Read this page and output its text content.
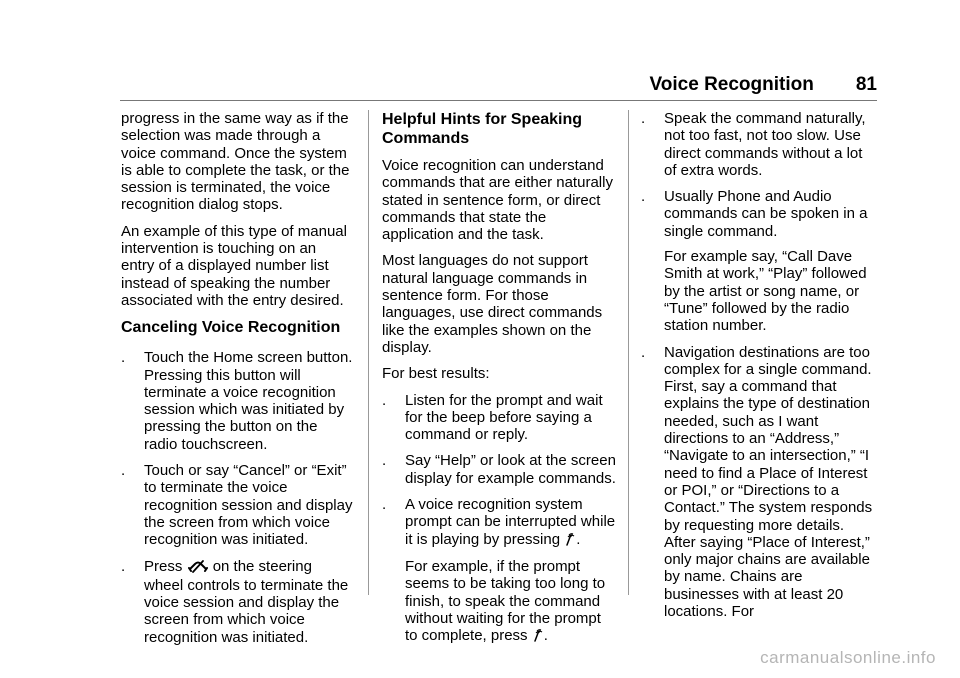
Voice Recognition 81

progress in the same way as if the selection was made through a voice command. Once the system is able to complete the task, or the session is terminated, the voice recognition dialog stops.

An example of this type of manual intervention is touching on an entry of a displayed number list instead of speaking the number associated with the entry desired.

Canceling Voice Recognition
. Touch the Home screen button. Pressing this button will terminate a voice recognition session which was initiated by pressing the button on the radio touchscreen.
. Touch or say “Cancel” or “Exit” to terminate the voice recognition session and display the screen from which voice recognition was initiated.
. Press on the steering wheel controls to terminate the voice session and display the screen from which voice recognition was initiated.
Helpful Hints for Speaking Commands

Voice recognition can understand commands that are either naturally stated in sentence form, or direct commands that state the application and the task.

Most languages do not support natural language commands in sentence form. For those languages, use direct commands like the examples shown on the display.

For best results:

. Listen for the prompt and wait for the beep before saying a command or reply.
. Say “Help” or look at the screen display for example commands.
. A voice recognition system prompt can be interrupted while it is playing by pressing .

For example, if the prompt seems to be taking too long to finish, to speak the command without waiting for the prompt to complete, press .

. Speak the command naturally, not too fast, not too slow. Use direct commands without a lot of extra words.
. Usually Phone and Audio commands can be spoken in a single command.

For example say, “Call Dave Smith at work,” “Play” followed by the artist or song name, or “Tune” followed by the radio station number.

. Navigation destinations are too complex for a single command. First, say a command that explains the type of destination needed, such as I want directions to an “Address,” “Navigate to an intersection,” “I need to find a Place of Interest or POI,” or “Directions to a Contact.” The system responds by requesting more details. After saying “Place of Interest,” only major chains are available by name. Chains are businesses with at least 20 locations. For
carmanualsonline.info
